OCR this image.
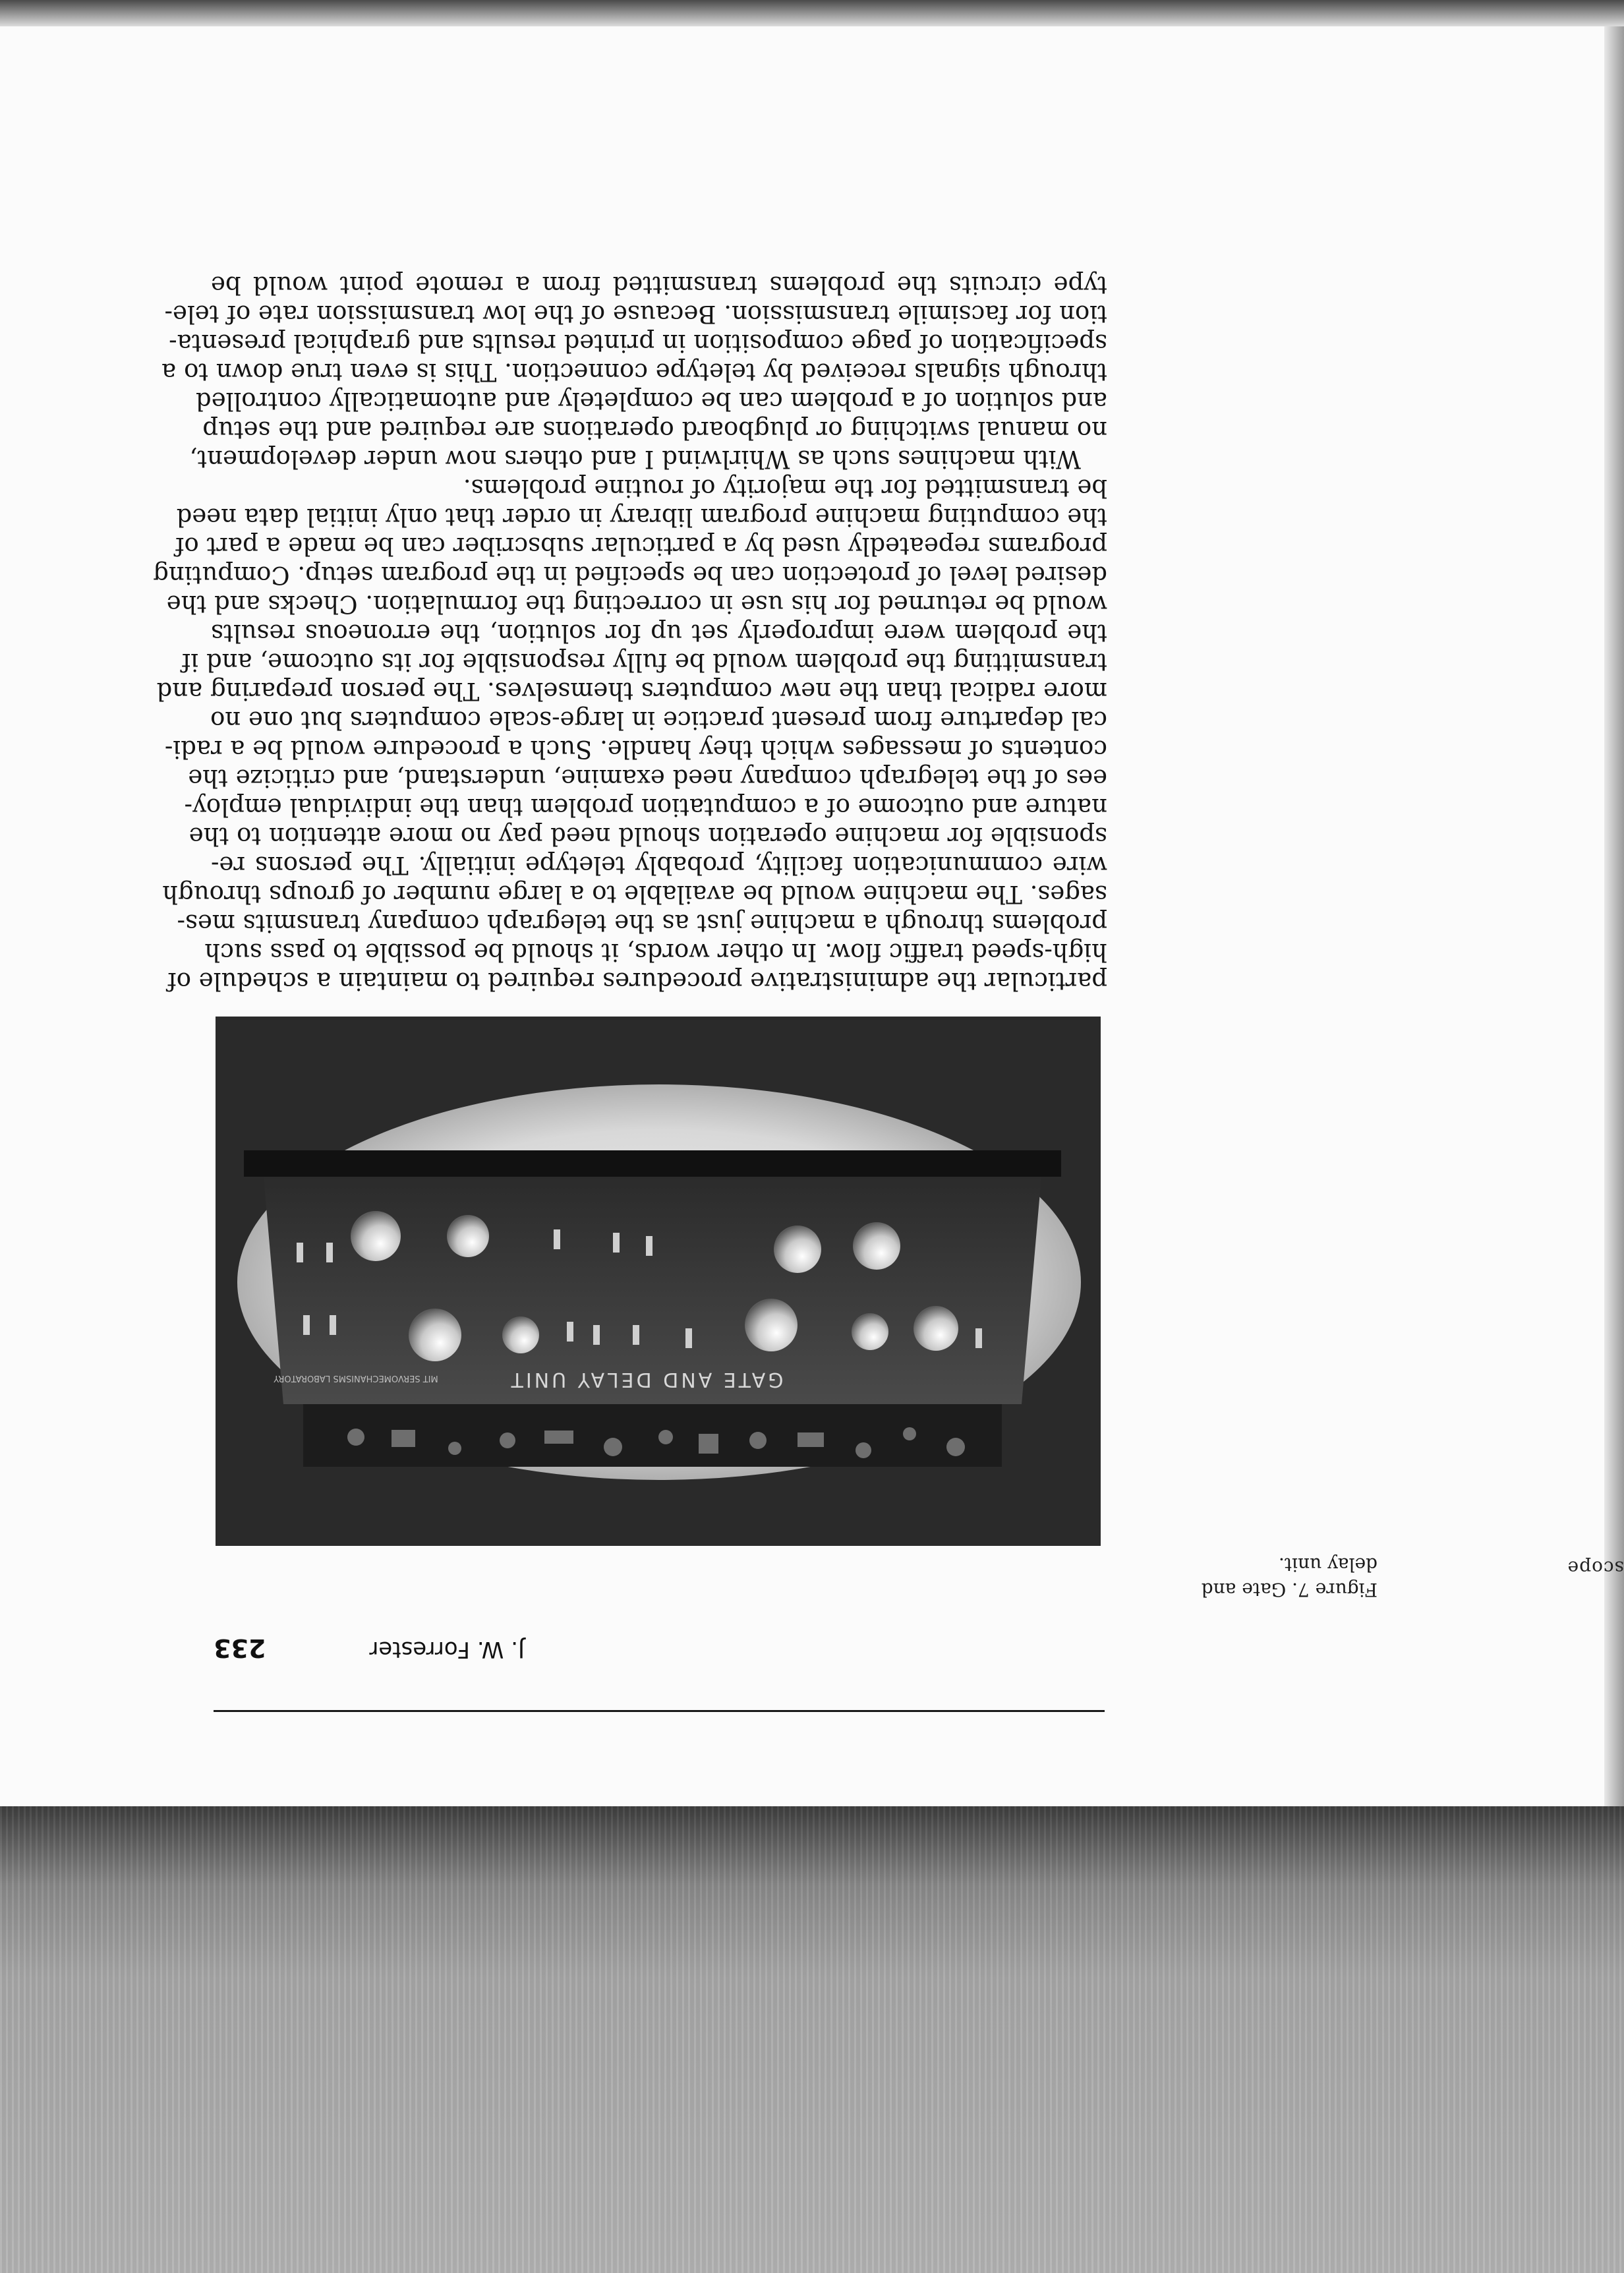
scope
J. W. Forrester
233
Figure 7. Gate and
delay unit.
GATE AND DELAY UNIT
MIT SERVOMECHANISMS LABORATORY
particular the administrative procedures required to maintain a schedule of
high-speed traffic flow. In other words, it should be possible to pass such
problems through a machine just as the telegraph company transmits mes-
sages. The machine would be available to a large number of groups through
wire communication facility, probably teletype initially. The persons re-
sponsible for machine operation should need pay no more attention to the
nature and outcome of a computation problem than the individual employ-
ees of the telegraph company need examine, understand, and criticize the
contents of messages which they handle. Such a procedure would be a radi-
cal departure from present practice in large-scale computers but one no
more radical than the new computers themselves. The person preparing and
transmitting the problem would be fully responsible for its outcome, and if
the problem were improperly set up for solution, the erroneous results
would be returned for his use in correcting the formulation. Checks and the
desired level of protection can be specified in the program setup. Computing
programs repeatedly used by a particular subscriber can be made a part of
the computing machine program library in order that only initial data need
be transmitted for the majority of routine problems.
With machines such as Whirlwind I and others now under development,
no manual switching or plugboard operations are required and the setup
and solution of a problem can be completely and automatically controlled
through signals received by teletype connection. This is even true down to a
specification of page composition in printed results and graphical presenta-
tion for facsimile transmission. Because of the low transmission rate of tele-
type circuits the problems transmitted from a remote point would be
